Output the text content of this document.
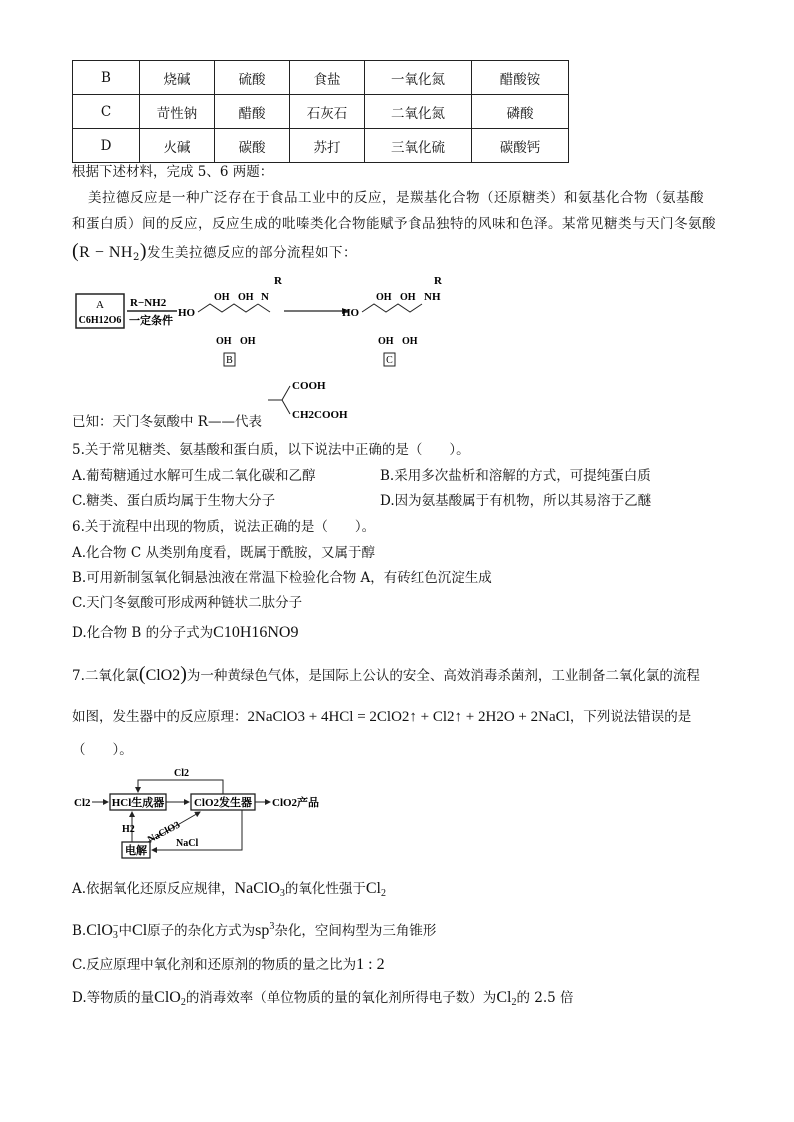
B	烧碱	硫酸	食盐	一氧化氮	醋酸铵
C	苛性钠	醋酸	石灰石	二氧化氮	磷酸
D	火碱	碳酸	苏打	三氧化硫	碳酸钙
根据下述材料，完成 5、6 两题：
美拉德反应是一种广泛存在于食品工业中的反应，是羰基化合物（还原糖类）和氨基化合物（氨基酸
和蛋白质）间的反应，反应生成的吡嗪类化合物能赋予食品独特的风味和色泽。某常见糖类与天门冬氨酸
$(R - NH_2)$发生美拉德反应的部分流程如下：
A
C6H12O6
R−NH2
一定条件
HO
N
R
OH OH
OH OH
B
HO
NH
R
OH OH
OH OH
C
已知：天门冬氨酸中 R——代表
COOH
CH2COOH
5.关于常见糖类、氨基酸和蛋白质，以下说法中正确的是（　　）。
A.葡萄糖通过水解可生成二氧化碳和乙醇	B.采用多次盐析和溶解的方式，可提纯蛋白质
C.糖类、蛋白质均属于生物大分子	D.因为氨基酸属于有机物，所以其易溶于乙醚
6.关于流程中出现的物质，说法正确的是（　　）。
A.化合物 C 从类别角度看，既属于酰胺，又属于醇
B.可用新制氢氧化铜悬浊液在常温下检验化合物 A，有砖红色沉淀生成
C.天门冬氨酸可形成两种链状二肽分子
D.化合物 B 的分子式为C10H16NO9
7.二氧化氯(ClO2)为一种黄绿色气体，是国际上公认的安全、高效消毒杀菌剂，工业制备二氧化氯的流程
如图，发生器中的反应原理：2NaClO3 + 4HCl = 2ClO2↑ + Cl2↑ + 2H2O + 2NaCl，下列说法错误的是
（　　）。
Cl2 HCl生成器	ClO2发生器 ClO2产品
Cl2
电解
H2 NaClO3
NaCl
A.依据氧化还原反应规律，NaClO$_3$的氧化性强于$Cl_2$
B.ClO$_3$−中Cl原子的杂化方式为$sp^3$杂化，空间构型为三角锥形
C.反应原理中氧化剂和还原剂的物质的量之比为1 : 2
D.等物质的量ClO$_2$的消毒效率（单位物质的量的氧化剂所得电子数）为$Cl_2$的 2.5 倍
